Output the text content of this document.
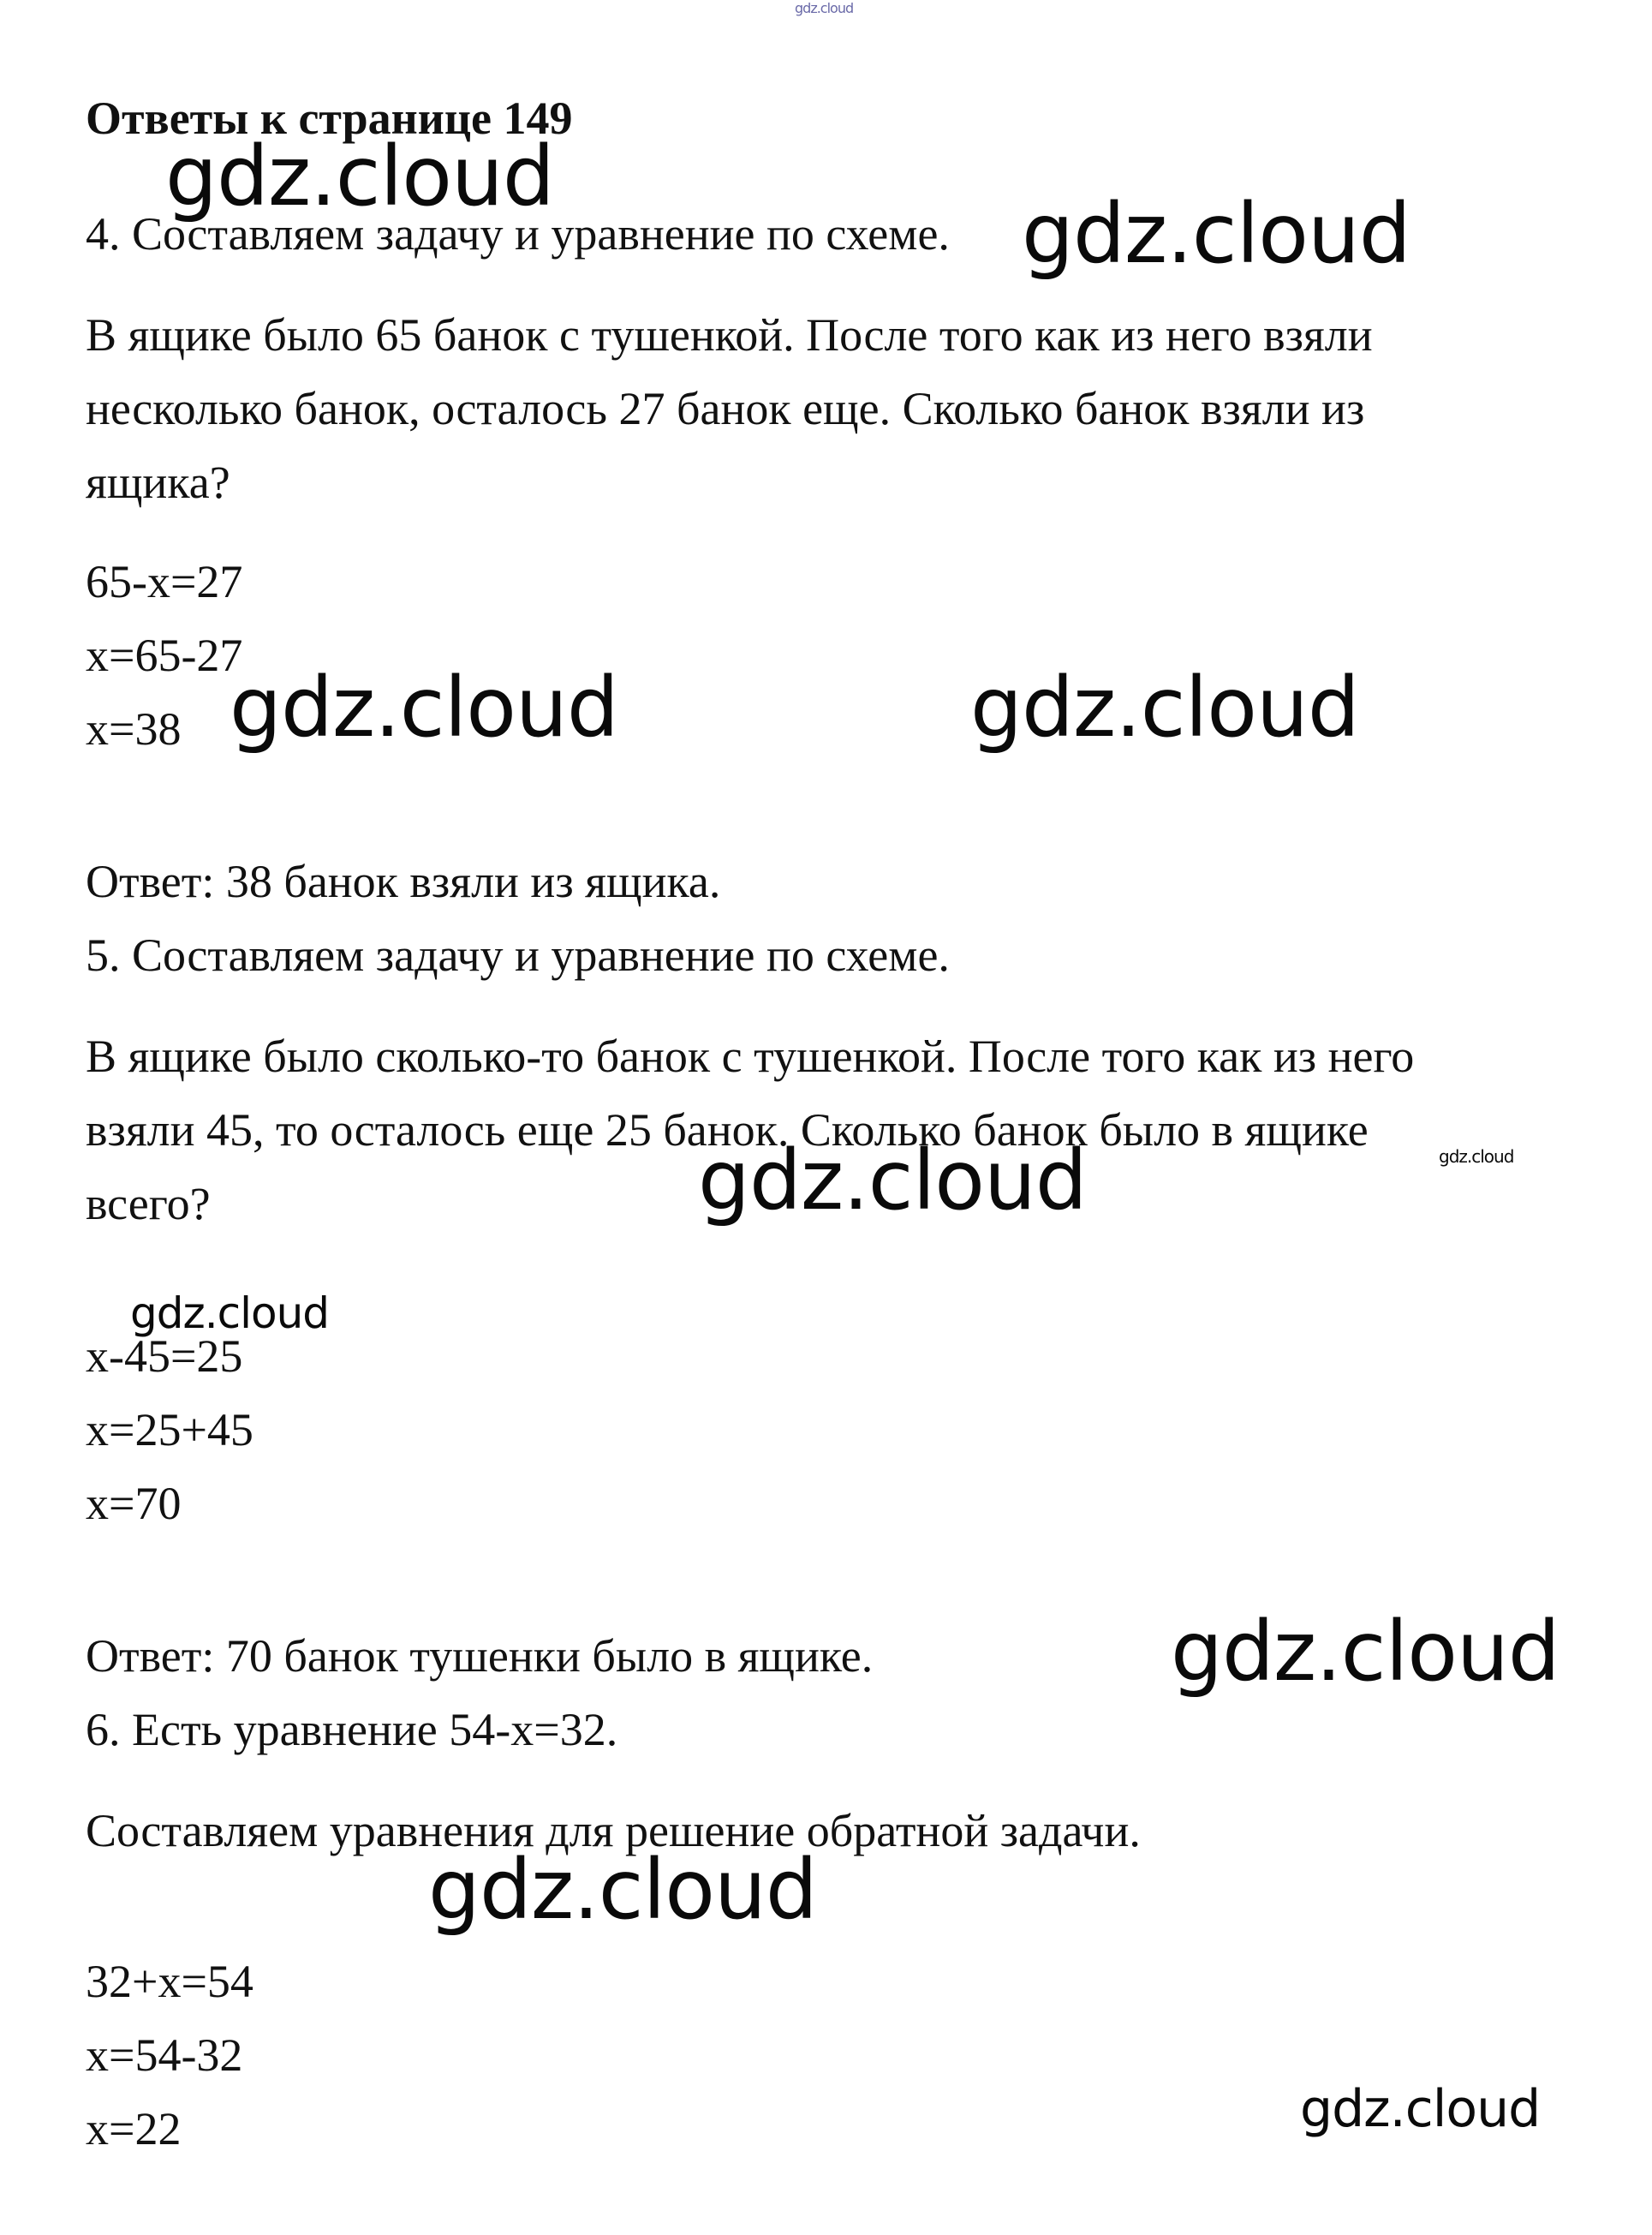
gdz.cloud

Ответы к странице 149

4. Составляем задачу и уравнение по схеме.

В ящике было 65 банок с тушенкой. После того как из него взяли

несколько банок, осталось 27 банок еще. Сколько банок взяли из

ящика?

65-x=27

x=65-27

x=38

Ответ: 38 банок взяли из ящика.

5. Составляем задачу и уравнение по схеме.

В ящике было сколько-то банок с тушенкой. После того как из него

взяли 45, то осталось еще 25 банок. Сколько банок было в ящике

всего?

x-45=25

x=25+45

x=70

Ответ: 70 банок тушенки было в ящике.

6. Есть уравнение 54-x=32.

Составляем уравнения для решение обратной задачи.

32+x=54

x=54-32

x=22

gdz.cloud
gdz.cloud
gdz.cloud	gdz.cloud
gdz.cloud	gdz.cloud
gdz.cloud
gdz.cloud
gdz.cloud
gdz.cloud
